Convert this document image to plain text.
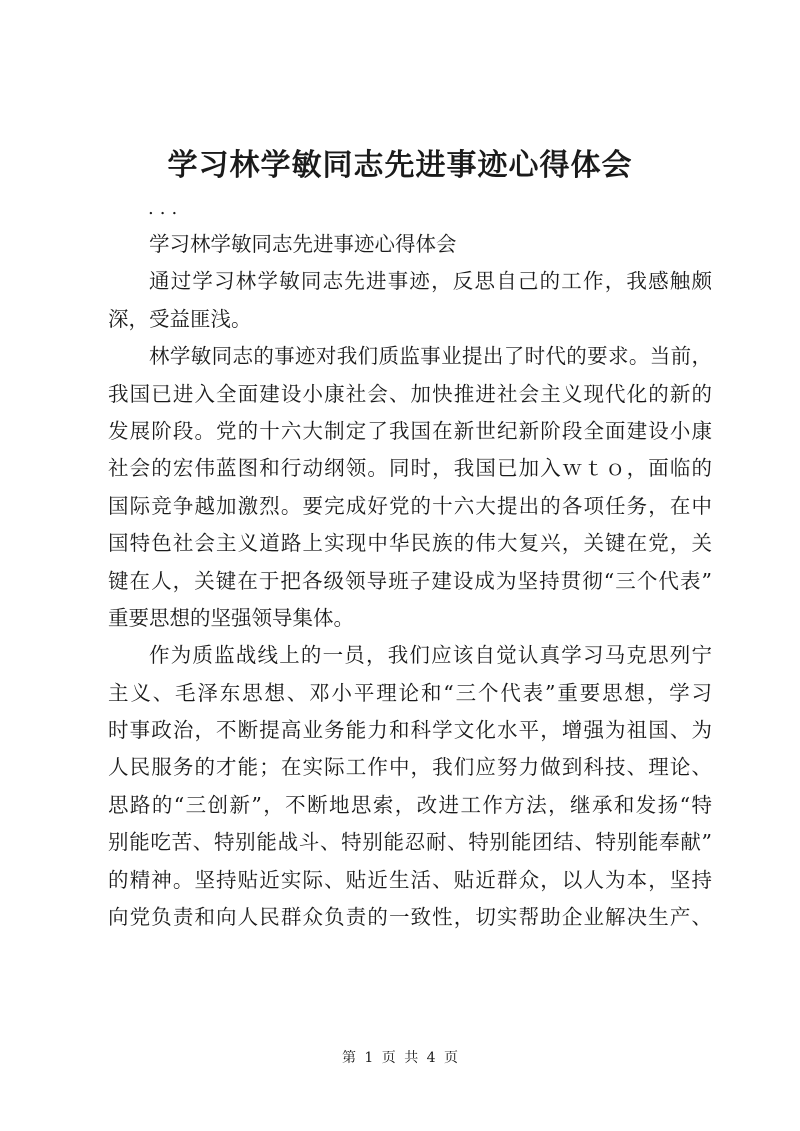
学习林学敏同志先进事迹心得体会
...
学习林学敏同志先进事迹心得体会
通过学习林学敏同志先进事迹，反思自己的工作，我感触颇
深，受益匪浅。
林学敏同志的事迹对我们质监事业提出了时代的要求。当前，
我国已进入全面建设小康社会、加快推进社会主义现代化的新的
发展阶段。党的十六大制定了我国在新世纪新阶段全面建设小康
社会的宏伟蓝图和行动纲领。同时，我国已加入ｗｔｏ，面临的
国际竞争越加激烈。要完成好党的十六大提出的各项任务，在中
国特色社会主义道路上实现中华民族的伟大复兴，关键在党，关
键在人，关键在于把各级领导班子建设成为坚持贯彻“三个代表”
重要思想的坚强领导集体。
作为质监战线上的一员，我们应该自觉认真学习马克思列宁
主义、毛泽东思想、邓小平理论和“三个代表”重要思想，学习
时事政治，不断提高业务能力和科学文化水平，增强为祖国、为
人民服务的才能；在实际工作中，我们应努力做到科技、理论、
思路的“三创新”，不断地思索，改进工作方法，继承和发扬“特
别能吃苦、特别能战斗、特别能忍耐、特别能团结、特别能奉献”
的精神。坚持贴近实际、贴近生活、贴近群众，以人为本，坚持
向党负责和向人民群众负责的一致性，切实帮助企业解决生产、
第 1 页 共 4 页
